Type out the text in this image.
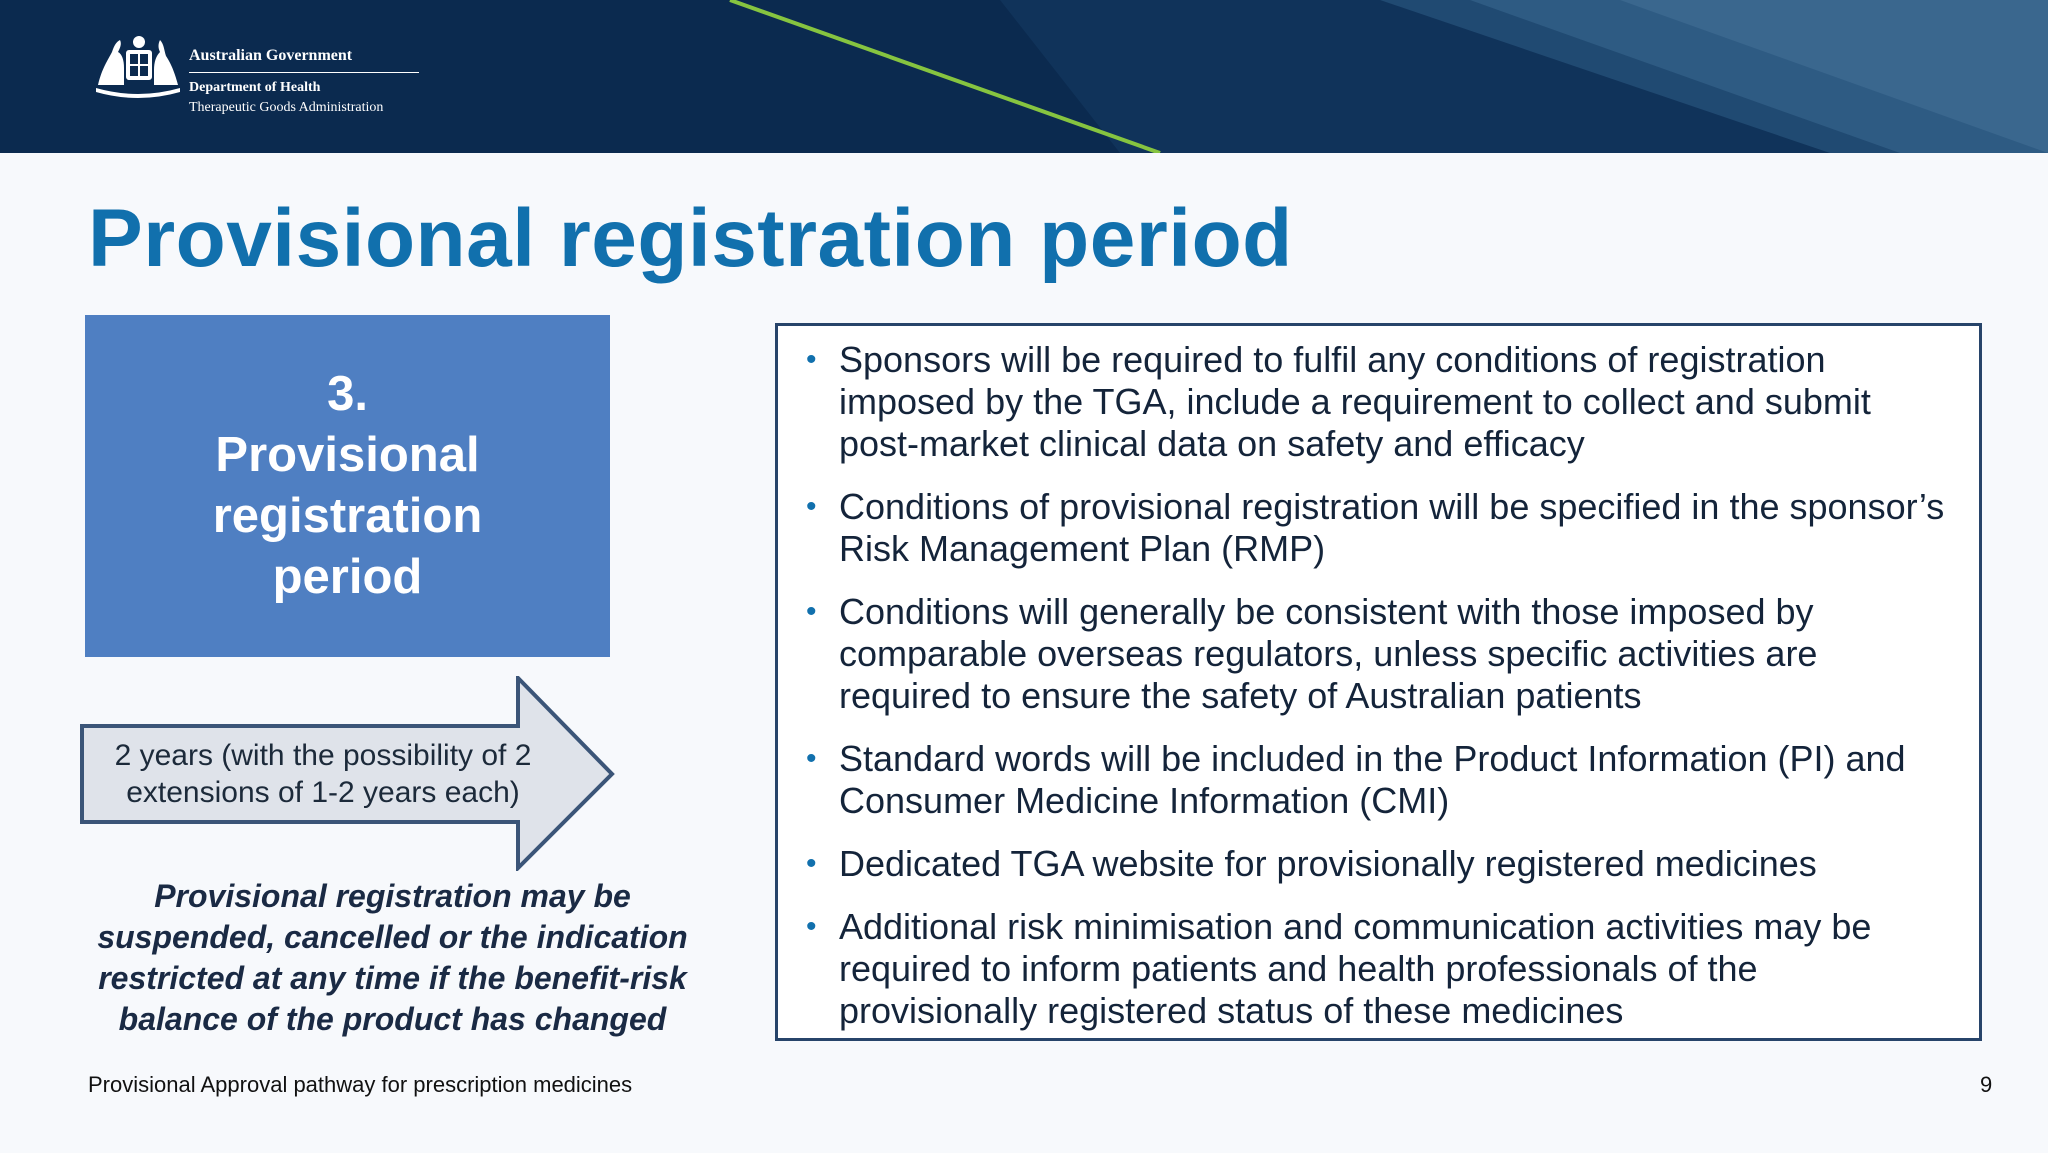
Australian Government
Department of Health
Therapeutic Goods Administration
Provisional registration period
3.
Provisional
registration
period
2 years (with the possibility of 2
extensions of 1-2 years each)
Provisional registration may be suspended, cancelled or the indication restricted at any time if the benefit-risk balance of the product has changed
• Sponsors will be required to fulfil any conditions of registration imposed by the TGA, include a requirement to collect and submit post-market clinical data on safety and efficacy
• Conditions of provisional registration will be specified in the sponsor’s Risk Management Plan (RMP)
• Conditions will generally be consistent with those imposed by comparable overseas regulators, unless specific activities are required to ensure the safety of Australian patients
• Standard words will be included in the Product Information (PI) and Consumer Medicine Information (CMI)
• Dedicated TGA website for provisionally registered medicines
• Additional risk minimisation and communication activities may be required to inform patients and health professionals of the provisionally registered status of these medicines
Provisional Approval pathway for prescription medicines	9
